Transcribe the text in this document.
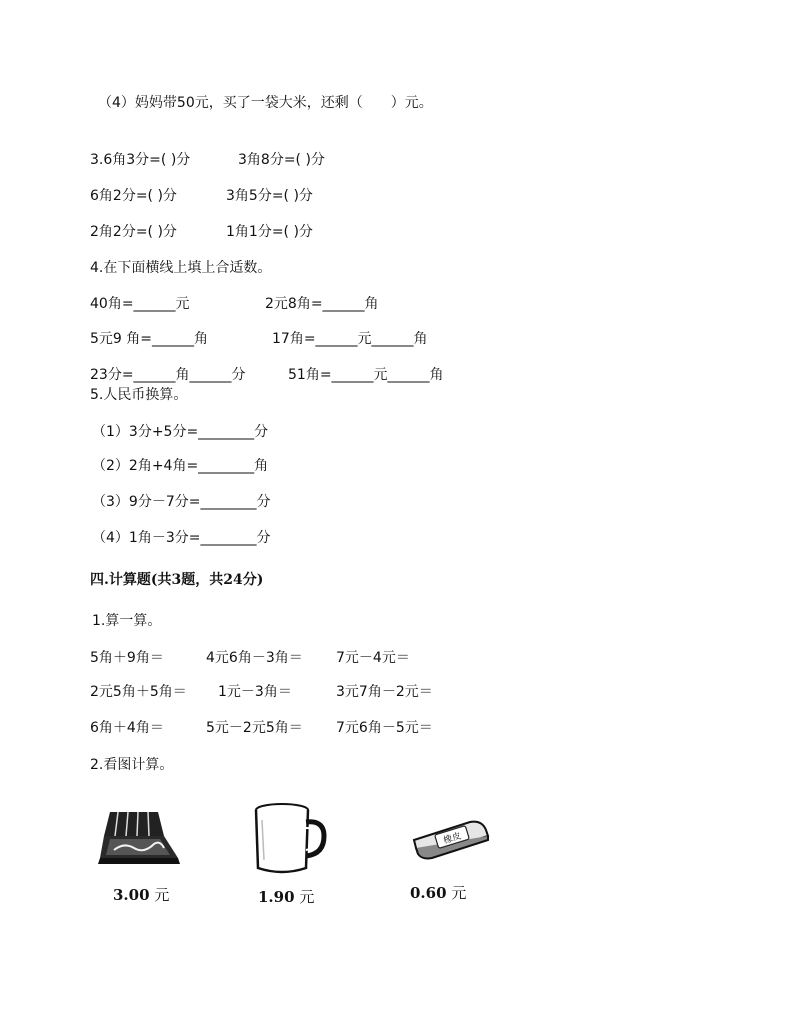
（4）妈妈带50元，买了一袋大米，还剩（　　）元。
3.6角3分=( )分	3角8分=( )分
6角2分=( )分	3角5分=( )分
2角2分=( )分	1角1分=( )分
4.在下面横线上填上合适数。
40角=______元	2元8角=______角
5元9 角=______角	17角=______元______角
23分=______角______分	51角=______元______角
5.人民币换算。
（1）3分+5分=________分
（2）2角+4角=________角
（3）9分－7分=________分
（4）1角－3分=________分
四.计算题(共3题，共24分)
1.算一算。
5角＋9角＝	4元6角－3角＝ 7元－4元＝
2元5角＋5角＝ 1元－3角＝	3元7角－2元＝
6角＋4角＝	5元－2元5角＝ 7元6角－5元＝
2.看图计算。
3.00 元	1.90 元
橡皮
0.60 元
